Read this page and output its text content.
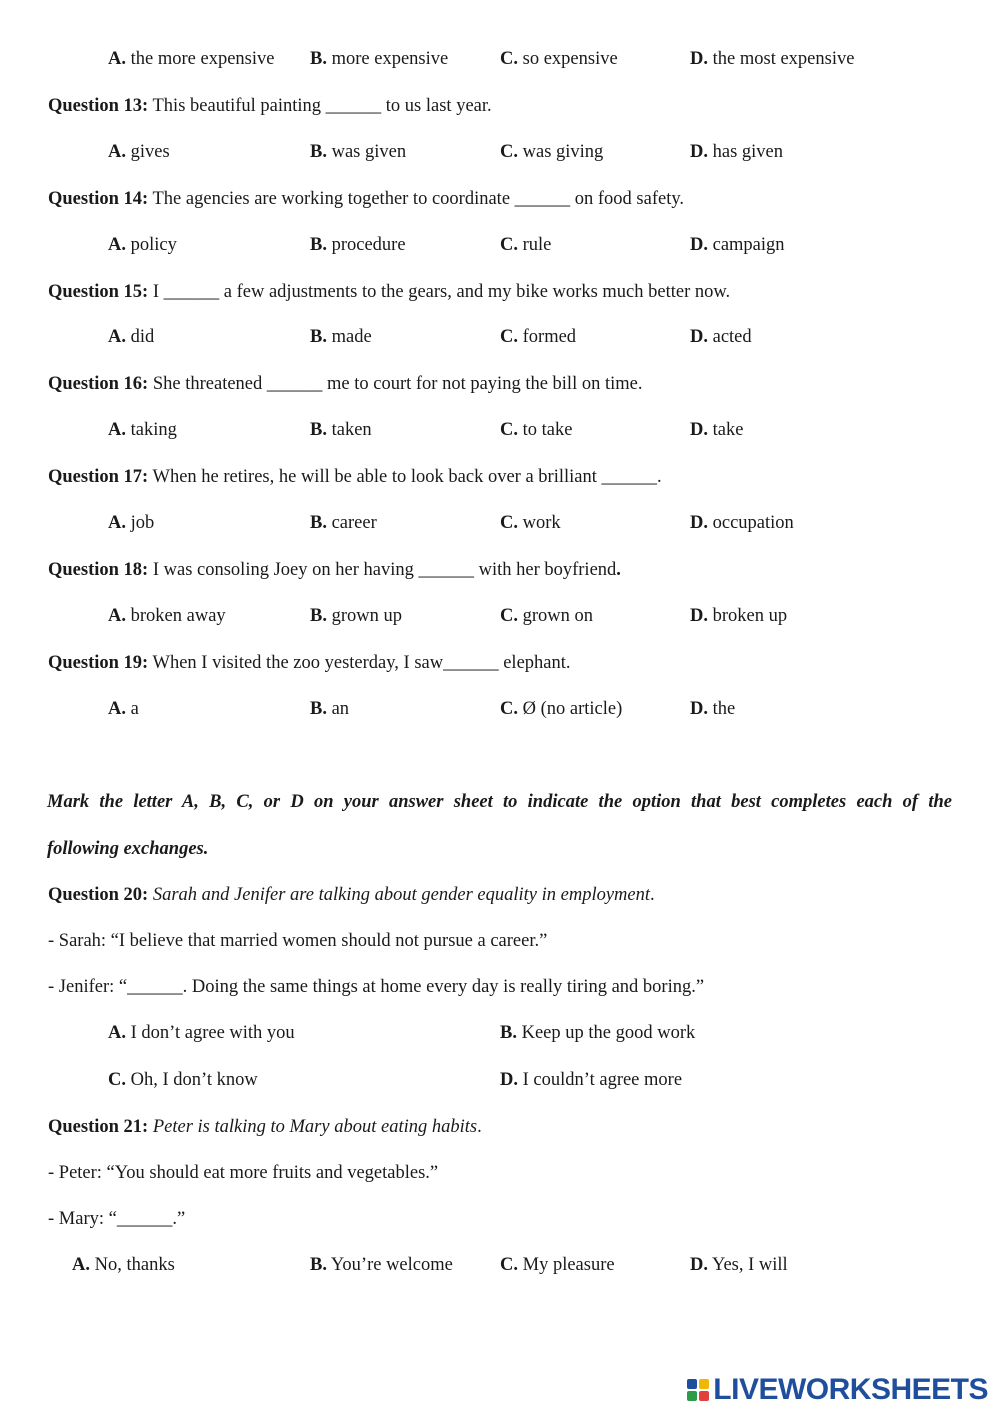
A. the more expensive B. more expensive	C. so expensive	D. the most expensive
Question 13: This beautiful painting ______ to us last year.
A. gives	B. was given	C. was giving	D. has given
Question 14: The agencies are working together to coordinate ______ on food safety.
A. policy	B. procedure	C. rule	D. campaign
Question 15: I ______ a few adjustments to the gears, and my bike works much better now.
A. did	B. made	C. formed	D. acted
Question 16: She threatened ______ me to court for not paying the bill on time.
A. taking	B. taken	C. to take	D. take
Question 17: When he retires, he will be able to look back over a brilliant ______.
A. job	B. career	C. work	D. occupation
Question 18: I was consoling Joey on her having ______ with her boyfriend.
A. broken away	B. grown up	C. grown on	D. broken up
Question 19: When I visited the zoo yesterday, I saw______ elephant.
A. a	B. an	C. Ø (no article)	D. the
Mark the letter A, B, C, or D on your answer sheet to indicate the option that best completes each of the
following exchanges.
Question 20: Sarah and Jenifer are talking about gender equality in employment.
- Sarah: “I believe that married women should not pursue a career.”
- Jenifer: “______. Doing the same things at home every day is really tiring and boring.”
A. I don’t agree with you	B. Keep up the good work
C. Oh, I don’t know	D. I couldn’t agree more
Question 21: Peter is talking to Mary about eating habits.
- Peter: “You should eat more fruits and vegetables.”
- Mary: “______.”
A. No, thanks	B. You’re welcome	C. My pleasure	D. Yes, I will
LIVEWORKSHEETS
